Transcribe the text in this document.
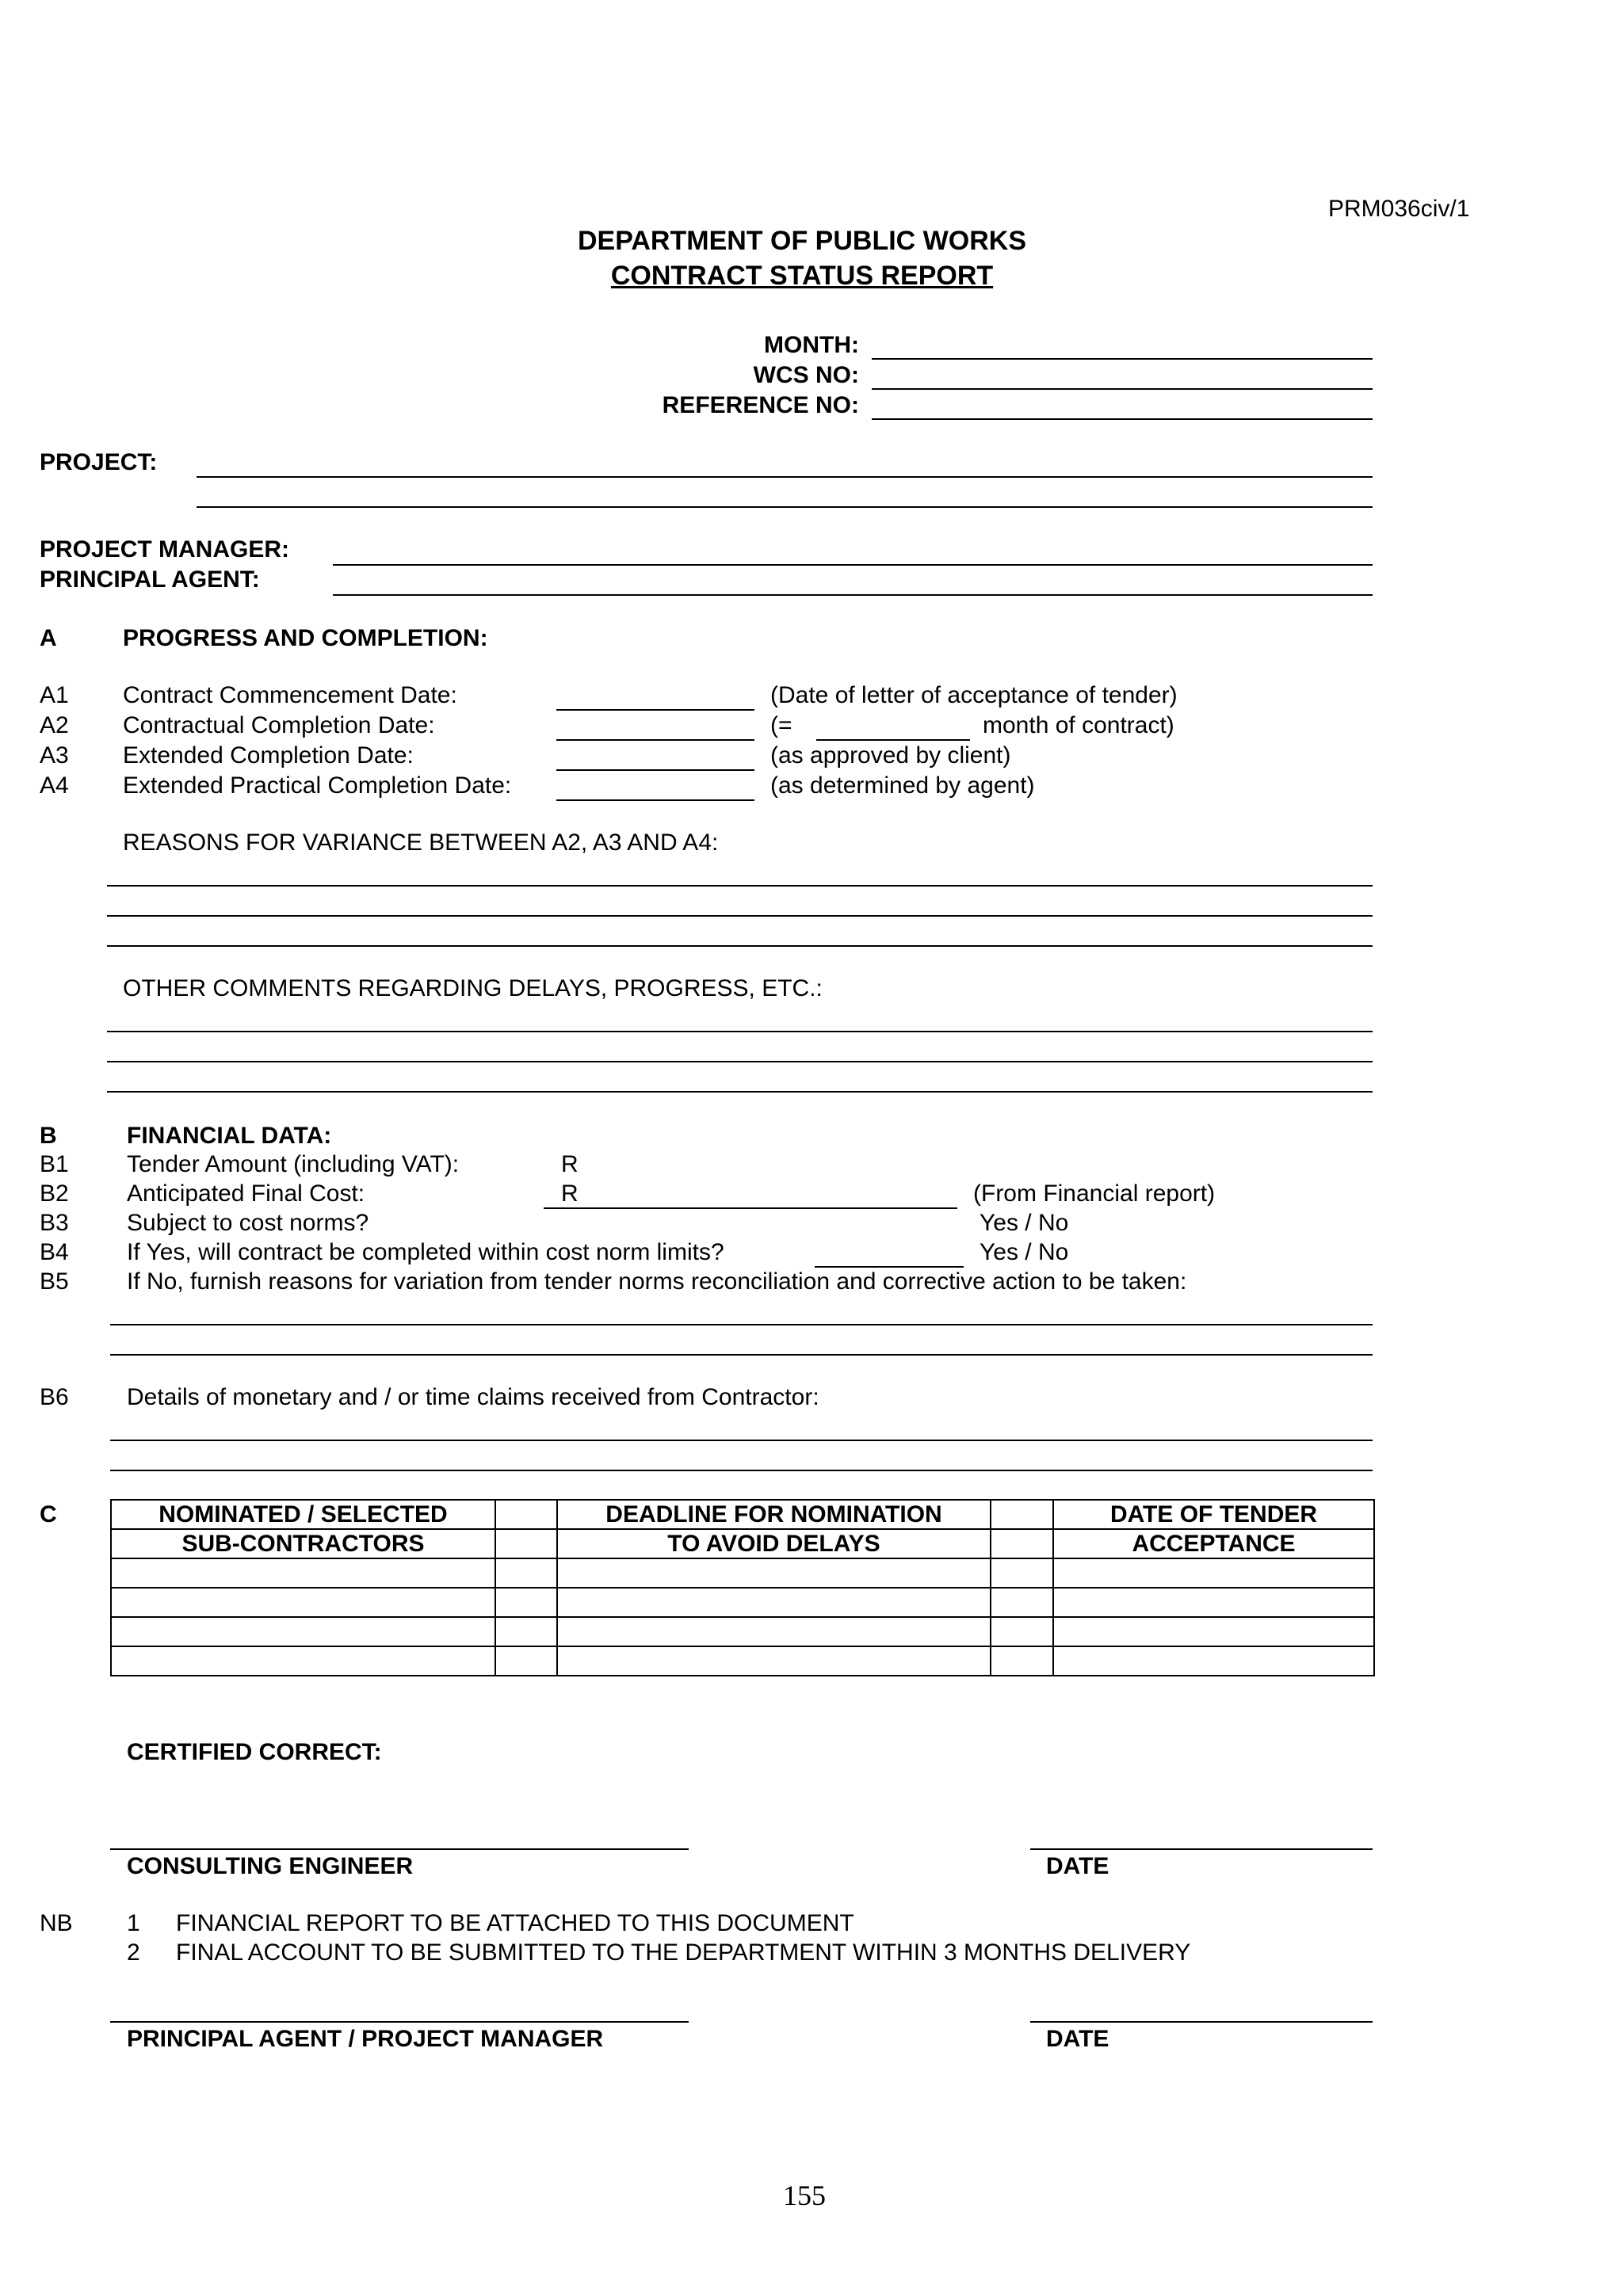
PRM036civ/1
DEPARTMENT OF PUBLIC WORKS
CONTRACT STATUS REPORT
MONTH:
WCS NO:
REFERENCE NO:
PROJECT:
PROJECT MANAGER:
PRINCIPAL AGENT:
A	PROGRESS AND COMPLETION:
A1 Contract Commencement Date:	(Date of letter of acceptance of tender)
A2 Contractual Completion Date:	(=	month of contract)
A3 Extended Completion Date:	(as approved by client)
A4 Extended Practical Completion Date:	(as determined by agent)
REASONS FOR VARIANCE BETWEEN A2, A3 AND A4:
OTHER COMMENTS REGARDING DELAYS, PROGRESS, ETC.:
B	FINANCIAL DATA:
B1 Tender Amount (including VAT):	R
B2 Anticipated Final Cost:	R	(From Financial report)
B3 Subject to cost norms?	Yes / No
B4 If Yes, will contract be completed within cost norm limits?	Yes / No
B5 If No, furnish reasons for variation from tender norms reconciliation and corrective action to be taken:
B6 Details of monetary and / or time claims received from Contractor:
C	NOMINATED / SELECTED		DEADLINE FOR NOMINATION		DATE OF TENDER
SUB-CONTRACTORS		TO AVOID DELAYS		ACCEPTANCE

CERTIFIED CORRECT:
CONSULTING ENGINEER	DATE
NB 1 FINANCIAL REPORT TO BE ATTACHED TO THIS DOCUMENT
2 FINAL ACCOUNT TO BE SUBMITTED TO THE DEPARTMENT WITHIN 3 MONTHS DELIVERY
PRINCIPAL AGENT / PROJECT MANAGER	DATE
155
